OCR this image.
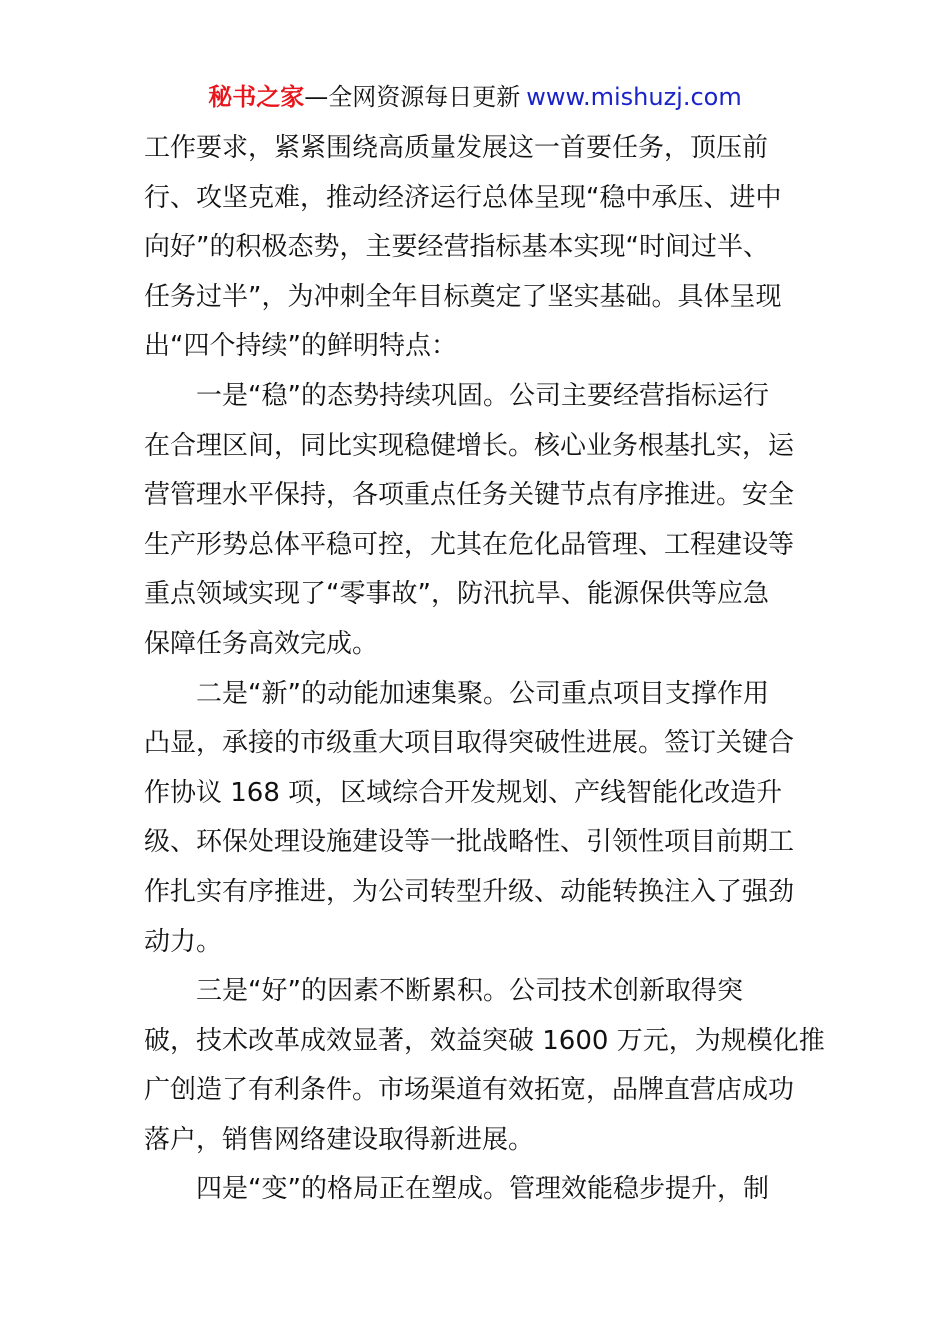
秘书之家—全网资源每日更新 www.mishuzj.com
工作要求，紧紧围绕高质量发展这一首要任务，顶压前
行、攻坚克难，推动经济运行总体呈现“稳中承压、进中
向好”的积极态势，主要经营指标基本实现“时间过半、
任务过半”，为冲刺全年目标奠定了坚实基础。具体呈现
出“四个持续”的鲜明特点：
一是“稳”的态势持续巩固。公司主要经营指标运行
在合理区间，同比实现稳健增长。核心业务根基扎实，运
营管理水平保持，各项重点任务关键节点有序推进。安全
生产形势总体平稳可控，尤其在危化品管理、工程建设等
重点领域实现了“零事故”，防汛抗旱、能源保供等应急
保障任务高效完成。
二是“新”的动能加速集聚。公司重点项目支撑作用
凸显，承接的市级重大项目取得突破性进展。签订关键合
作协议 168 项，区域综合开发规划、产线智能化改造升
级、环保处理设施建设等一批战略性、引领性项目前期工
作扎实有序推进，为公司转型升级、动能转换注入了强劲
动力。
三是“好”的因素不断累积。公司技术创新取得突
破，技术改革成效显著，效益突破 1600 万元，为规模化推
广创造了有利条件。市场渠道有效拓宽，品牌直营店成功
落户，销售网络建设取得新进展。
四是“变”的格局正在塑成。管理效能稳步提升，制
